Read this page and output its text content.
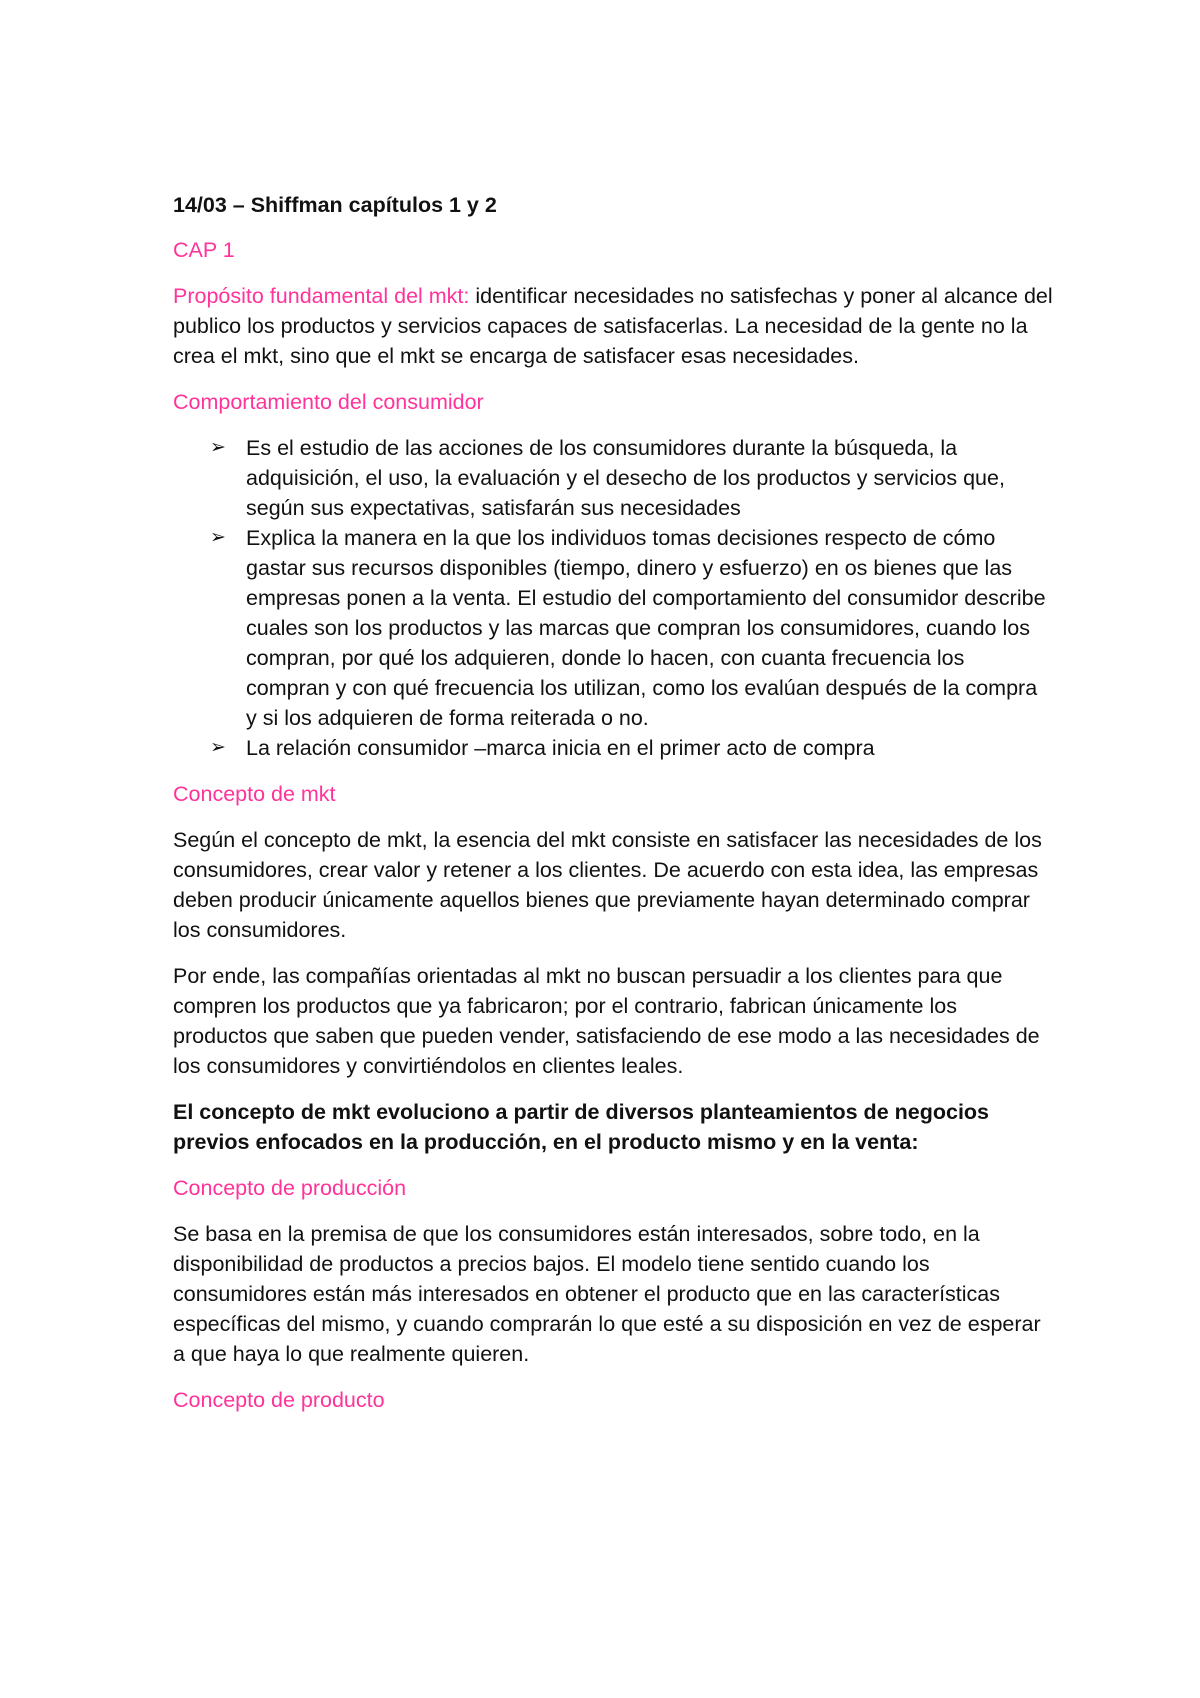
14/03 – Shiffman capítulos 1 y 2
CAP 1

Propósito fundamental del mkt: identificar necesidades no satisfechas y poner al alcance del publico los productos y servicios capaces de satisfacerlas. La necesidad de la gente no la crea el mkt, sino que el mkt se encarga de satisfacer esas necesidades.

Comportamiento del consumidor
➢ Es el estudio de las acciones de los consumidores durante la búsqueda, la adquisición, el uso, la evaluación y el desecho de los productos y servicios que, según sus expectativas, satisfarán sus necesidades
➢ Explica la manera en la que los individuos tomas decisiones respecto de cómo gastar sus recursos disponibles (tiempo, dinero y esfuerzo) en os bienes que las empresas ponen a la venta. El estudio del comportamiento del consumidor describe cuales son los productos y las marcas que compran los consumidores, cuando los compran, por qué los adquieren, donde lo hacen, con cuanta frecuencia los compran y con qué frecuencia los utilizan, como los evalúan después de la compra y si los adquieren de forma reiterada o no.
➢ La relación consumidor –marca inicia en el primer acto de compra
Concepto de mkt

Según el concepto de mkt, la esencia del mkt consiste en satisfacer las necesidades de los consumidores, crear valor y retener a los clientes. De acuerdo con esta idea, las empresas deben producir únicamente aquellos bienes que previamente hayan determinado comprar los consumidores.

Por ende, las compañías orientadas al mkt no buscan persuadir a los clientes para que compren los productos que ya fabricaron; por el contrario, fabrican únicamente los productos que saben que pueden vender, satisfaciendo de ese modo a las necesidades de los consumidores y convirtiéndolos en clientes leales.

El concepto de mkt evoluciono a partir de diversos planteamientos de negocios previos enfocados en la producción, en el producto mismo y en la venta:

Concepto de producción

Se basa en la premisa de que los consumidores están interesados, sobre todo, en la disponibilidad de productos a precios bajos. El modelo tiene sentido cuando los consumidores están más interesados en obtener el producto que en las características específicas del mismo, y cuando comprarán lo que esté a su disposición en vez de esperar a que haya lo que realmente quieren.

Concepto de producto
